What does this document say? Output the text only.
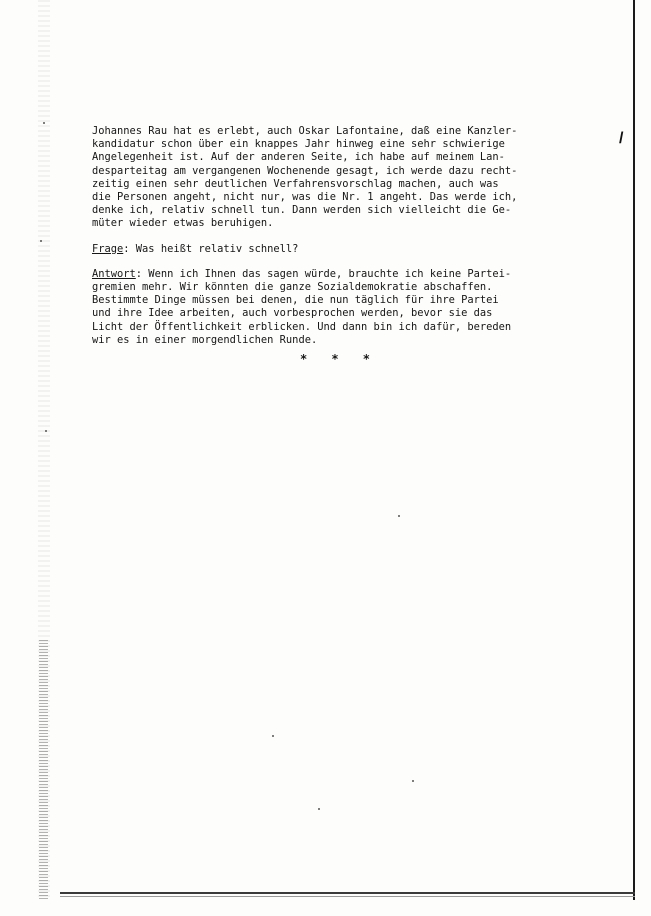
/
Johannes Rau hat es erlebt, auch Oskar Lafontaine, daß eine Kanzler-
kandidatur schon über ein knappes Jahr hinweg eine sehr schwierige
Angelegenheit ist. Auf der anderen Seite, ich habe auf meinem Lan-
desparteitag am vergangenen Wochenende gesagt, ich werde dazu recht-
zeitig einen sehr deutlichen Verfahrensvorschlag machen, auch was
die Personen angeht, nicht nur, was die Nr. 1 angeht. Das werde ich,
denke ich, relativ schnell tun. Dann werden sich vielleicht die Ge-
müter wieder etwas beruhigen.
Frage: Was heißt relativ schnell?
Antwort: Wenn ich Ihnen das sagen würde, brauchte ich keine Partei-
gremien mehr. Wir könnten die ganze Sozialdemokratie abschaffen.
Bestimmte Dinge müssen bei denen, die nun täglich für ihre Partei
und ihre Idee arbeiten, auch vorbesprochen werden, bevor sie das
Licht der Öffentlichkeit erblicken. Und dann bin ich dafür, bereden
wir es in einer morgendlichen Runde.
* * *
